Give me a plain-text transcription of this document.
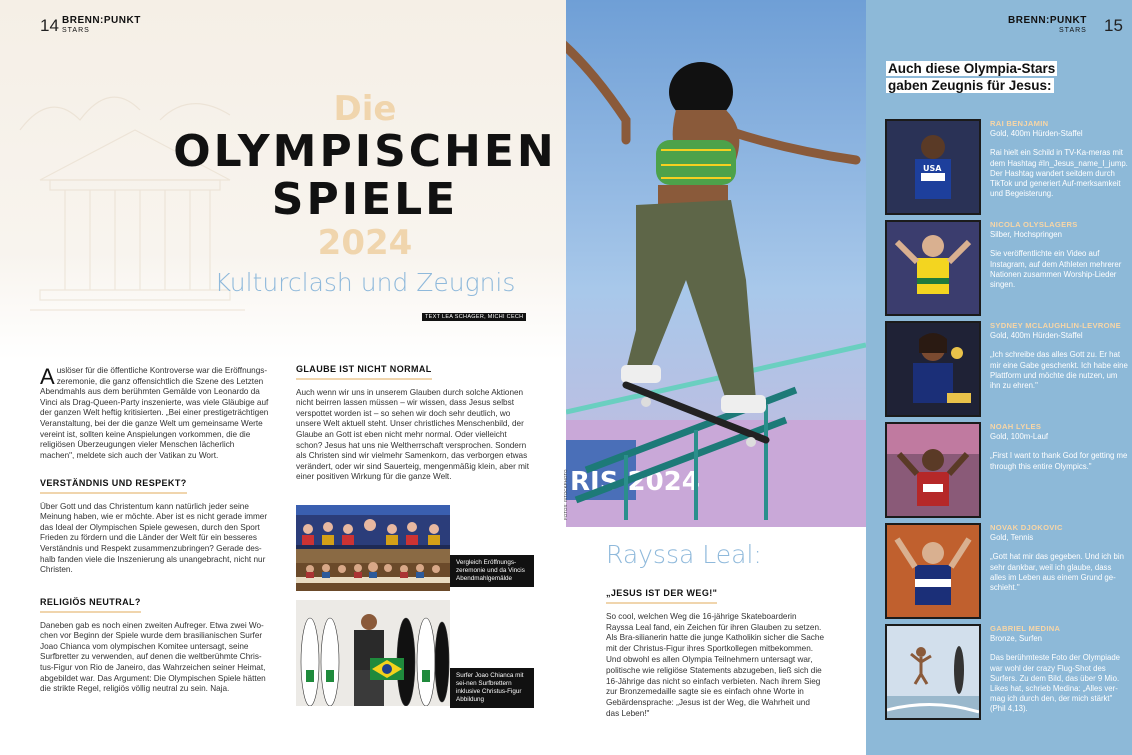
14 BRENN:PUNKT
STARS
Die
OLYMPISCHEN
SPIELE
2024
Kulturclash und Zeugnis
TEXT LEA SCHAGER, MICHI CECH

Auslöser für die öffentliche Kontroverse war die Eröffnungs-zeremonie, die ganz offensichtlich die Szene des Letzten Abendmahls aus dem berühmten Gemälde von Leonardo da Vinci als Drag-Queen-Party inszenierte, was viele Gläubige auf der ganzen Welt heftig kritisierten. „Bei einer prestigeträchtigen Veranstaltung, bei der die ganze Welt um gemeinsame Werte vereint ist, sollten keine Anspielungen vorkommen, die die religiösen Überzeugungen vieler Menschen lächerlich machen", meldete sich auch der Vatikan zu Wort.

VERSTÄNDNIS UND RESPEKT?

Über Gott und das Christentum kann natürlich jeder seine Meinung haben, wie er möchte. Aber ist es nicht gerade immer das Ideal der Olympischen Spiele gewesen, durch den Sport Frieden zu fördern und die Länder der Welt für ein besseres Verständnis und Respekt zusammenzubringen? Gerade des-halb fanden viele die Inszenierung als unangebracht, nicht nur Christen.

RELIGIÖS NEUTRAL?

Daneben gab es noch einen zweiten Aufreger. Etwa zwei Wo-chen vor Beginn der Spiele wurde dem brasilianischen Surfer Joao Chianca vom olympischen Komitee untersagt, seine Surfbretter zu verwenden, auf denen die weltberühmte Chris-tus-Figur von Rio de Janeiro, das Wahrzeichen seiner Heimat, abgebildet war. Das Argument: Die Olympischen Spiele hätten die strikte Regel, religiös völlig neutral zu sein. Naja.

GLAUBE IST NICHT NORMAL

Auch wenn wir uns in unserem Glauben durch solche Aktionen nicht beirren lassen müssen – wir wissen, dass Jesus selbst verspottet worden ist – so sehen wir doch sehr deutlich, wo unsere Welt aktuell steht. Unser christliches Menschenbild, der Glaube an Gott ist eben nicht mehr normal. Oder vielleicht schon? Jesus hat uns nie Weltherrschaft versprochen. Sondern als Christen sind wir vielmehr Samenkorn, das verborgen etwas verändert, oder wir sind Sauerteig, mengenmäßig klein, aber mit einer positiven Wirkung für die ganze Welt.

Vergleich Eröffnungs-zeremonie und da Vincis Abendmahlgemälde
Surfer Joao Chianca mit sei-nen Surfbrettern inklusive Christus-Figur Abbildung
RIS 2024
15
BRENN:PUNKT
STARS
Auch diese Olympia-Stars
gaben Zeugnis für Jesus:
USA
RAI BENJAMIN
Gold, 400m Hürden-Staffel
Rai hielt ein Schild in TV-Ka-meras mit dem Hashtag #In_Jesus_name_I_jump. Der Hashtag wandert seitdem durch TikTok und generiert Auf-merksamkeit und Begeisterung.
NICOLA OLYSLAGERS
Silber, Hochspringen
Sie veröffentlichte ein Video auf Instagram, auf dem Athleten mehrerer Nationen zusammen Worship-Lieder singen.
SYDNEY MCLAUGHLIN-LEVRONE
Gold, 400m Hürden-Staffel
„Ich schreibe das alles Gott zu. Er hat mir eine Gabe geschenkt. Ich habe eine Plattform und möchte die nutzen, um ihn zu ehren."
NOAH LYLES
Gold, 100m-Lauf
„First I want to thank God for getting me through this entire Olympics."
NOVAK DJOKOVIC
Gold, Tennis
„Gott hat mir das gegeben. Und ich bin sehr dankbar, weil ich glaube, dass alles im Leben aus einem Grund ge-schieht."
GABRIEL MEDINA
Bronze, Surfen
Das berühmteste Foto der Olympiade war wohl der crazy Flug-Shot des Surfers. Zu dem Bild, das über 9 Mio. Likes hat, schrieb Medina: „Alles ver-mag ich durch den, der mich stärkt" (Phil 4,13).
Rayssa Leal:
„JESUS IST DER WEG!"

So cool, welchen Weg die 16-jährige Skateboarderin Rayssa Leal fand, ein Zeichen für ihren Glauben zu setzen. Als Bra-silianerin hatte die junge Katholikin sicher die Sache mit der Christus-Figur ihres Sportkollegen mitbekommen. Und obwohl es allen Olympia Teilnehmern untersagt war, politische wie religiöse Statements abzugeben, ließ sich die 16-Jährige das nicht so einfach verbieten. Nach ihrem Sieg zur Bronzemedaille sagte sie es einfach ohne Worte in Gebärdensprache: „Jesus ist der Weg, die Wahrheit und das Leben!"

FOTOS: ISTOCKPHOTO
